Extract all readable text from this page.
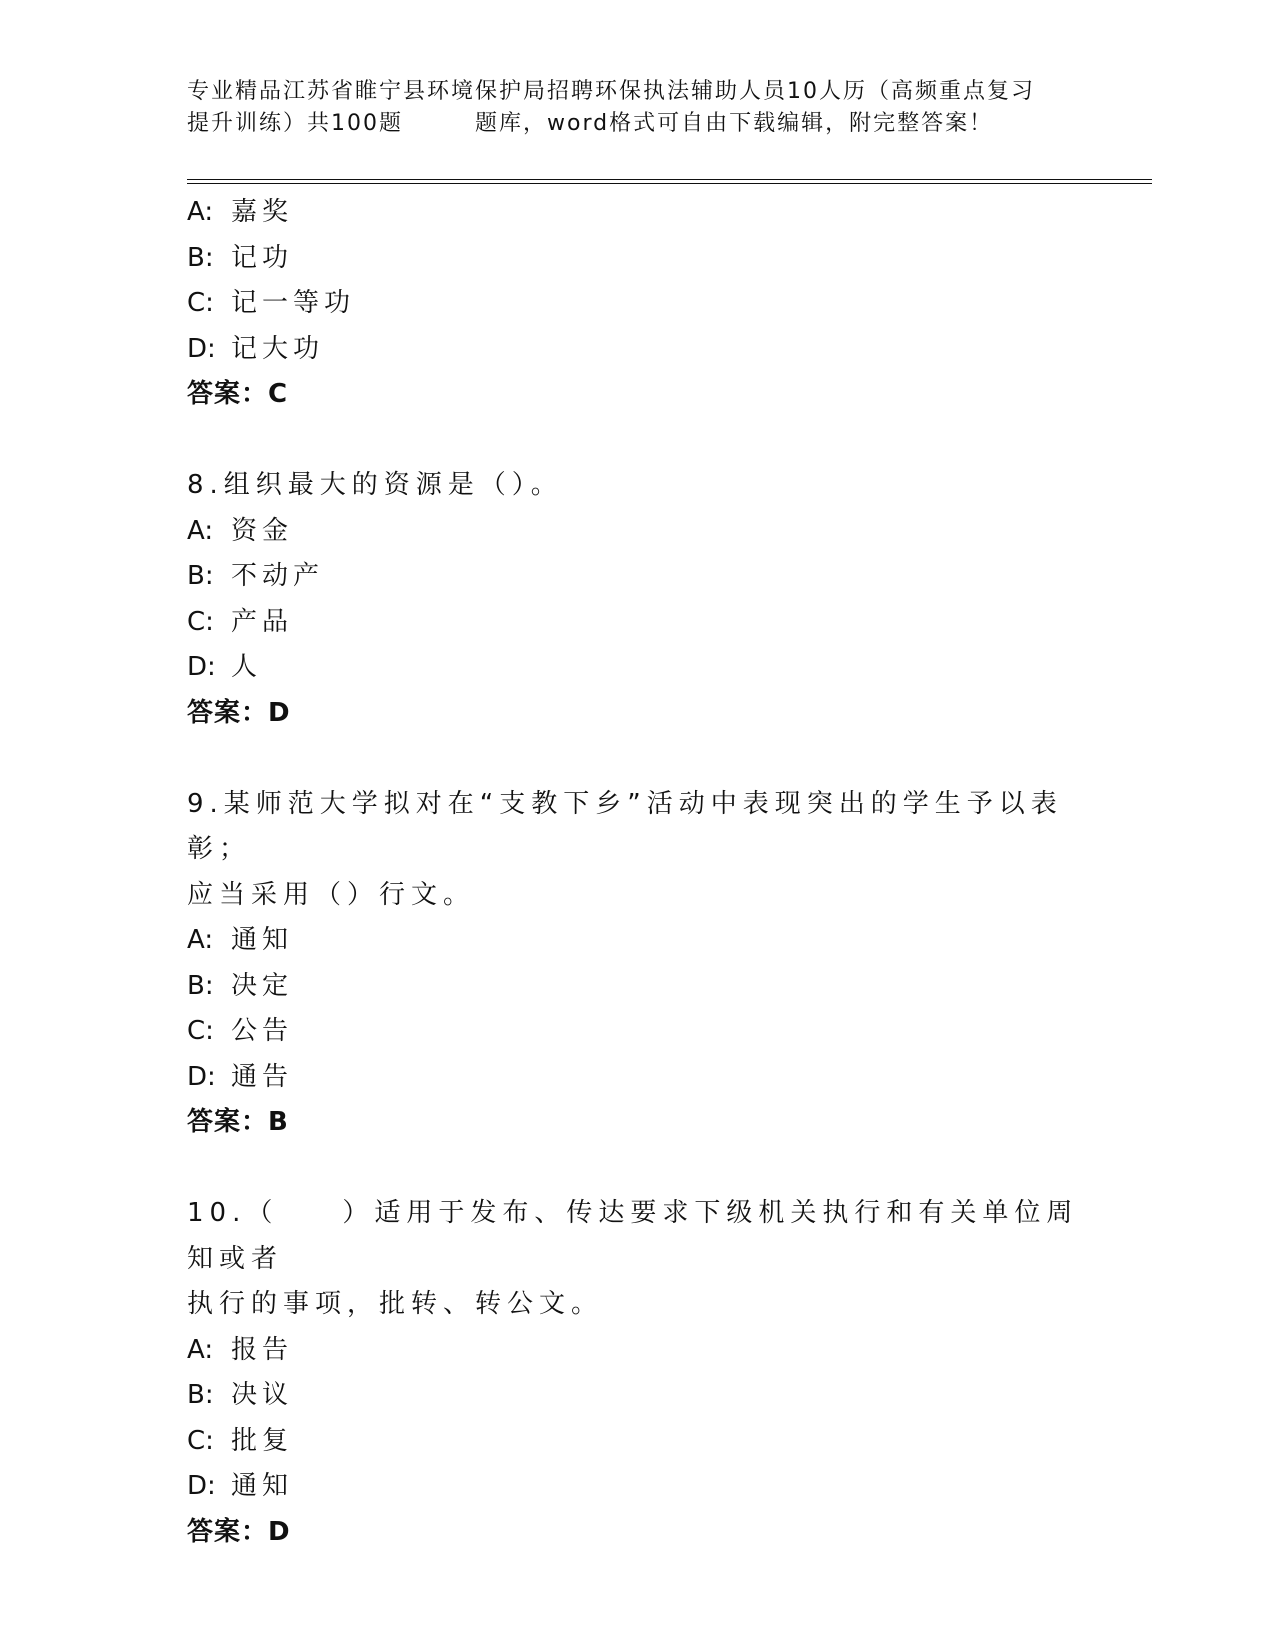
专业精品江苏省睢宁县环境保护局招聘环保执法辅助人员10人历（高频重点复习
提升训练）共100题	题库，word格式可自由下载编辑，附完整答案！
A: 嘉奖
B: 记功
C: 记一等功
D: 记大功
答案：C
8.组织最大的资源是（）。
A: 资金
B: 不动产
C: 产品
D: 人
答案：D
9.某师范大学拟对在“支教下乡”活动中表现突出的学生予以表彰；
应当采用（）行文。
A: 通知
B: 决定
C: 公告
D: 通告
答案：B
10.（　　）适用于发布、传达要求下级机关执行和有关单位周知或者
执行的事项，批转、转公文。
A: 报告
B: 决议
C: 批复
D: 通知
答案：D
